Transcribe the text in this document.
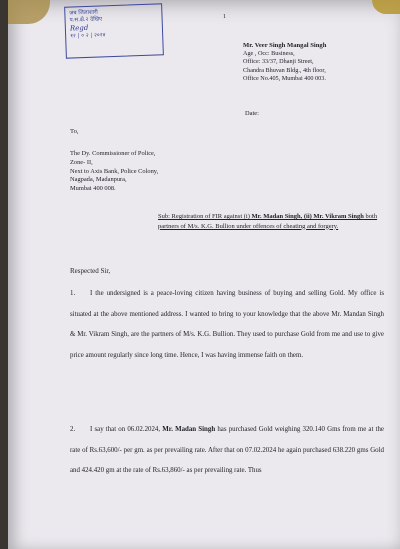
ज़ब जिलाशारी
प.स.क्षे.२ देखिए
Regd
१२ | ० २ | २०२४
1
Mr. Veer Singh Mangal Singh
Age , Occ: Business,
Office: 33/37, Dhanji Street,
Chandra Bhuvan Bldg., 4th floor,
Office No.405, Mumbai 400 003.
Date:
To,
The Dy. Commissioner of Police,
Zone- II,
Next to Axis Bank, Police Colony,
Nagpada, Madanpura,
Mumbai 400 008.
Sub: Registration of FIR against (i) Mr. Madan Singh, (ii) Mr. Vikram Singh both partners of M/s. K.G. Bullion under offences of cheating and forgery.
Respected Sir,

1. I the undersigned is a peace-loving citizen having business of buying and selling Gold. My office is situated at the above mentioned address. I wanted to bring to your knowledge that the above Mr. Mandan Singh & Mr. Vikram Singh, are the partners of M/s. K.G. Bullion. They used to purchase Gold from me and use to give price amount regularly since long time. Hence, I was having immense faith on them.

2. I say that on 06.02.2024, Mr. Madan Singh has purchased Gold weighing 320.140 Gms from me at the rate of Rs.63,600/- per gm. as per prevailing rate. After that on 07.02.2024 he again purchased 638.220 gms Gold and 424.420 gm at the rate of Rs.63,860/- as per prevailing rate. Thus
